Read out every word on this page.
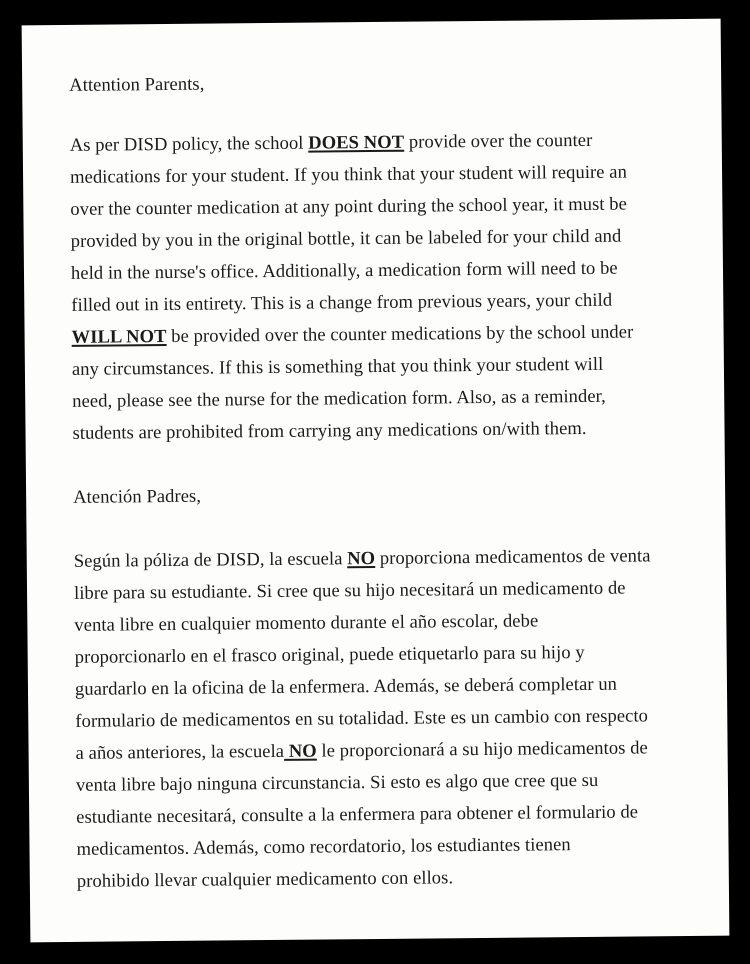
Attention Parents,
As per DISD policy, the school DOES NOT provide over the counter
medications for your student. If you think that your student will require an
over the counter medication at any point during the school year, it must be
provided by you in the original bottle, it can be labeled for your child and
held in the nurse's office. Additionally, a medication form will need to be
filled out in its entirety. This is a change from previous years, your child
WILL NOT be provided over the counter medications by the school under
any circumstances. If this is something that you think your student will
need, please see the nurse for the medication form. Also, as a reminder,
students are prohibited from carrying any medications on/with them.
Atención Padres,
Según la póliza de DISD, la escuela NO proporciona medicamentos de venta
libre para su estudiante. Si cree que su hijo necesitará un medicamento de
venta libre en cualquier momento durante el año escolar, debe
proporcionarlo en el frasco original, puede etiquetarlo para su hijo y
guardarlo en la oficina de la enfermera. Además, se deberá completar un
formulario de medicamentos en su totalidad. Este es un cambio con respecto
a años anteriores, la escuela NO le proporcionará a su hijo medicamentos de
venta libre bajo ninguna circunstancia. Si esto es algo que cree que su
estudiante necesitará, consulte a la enfermera para obtener el formulario de
medicamentos. Además, como recordatorio, los estudiantes tienen
prohibido llevar cualquier medicamento con ellos.
